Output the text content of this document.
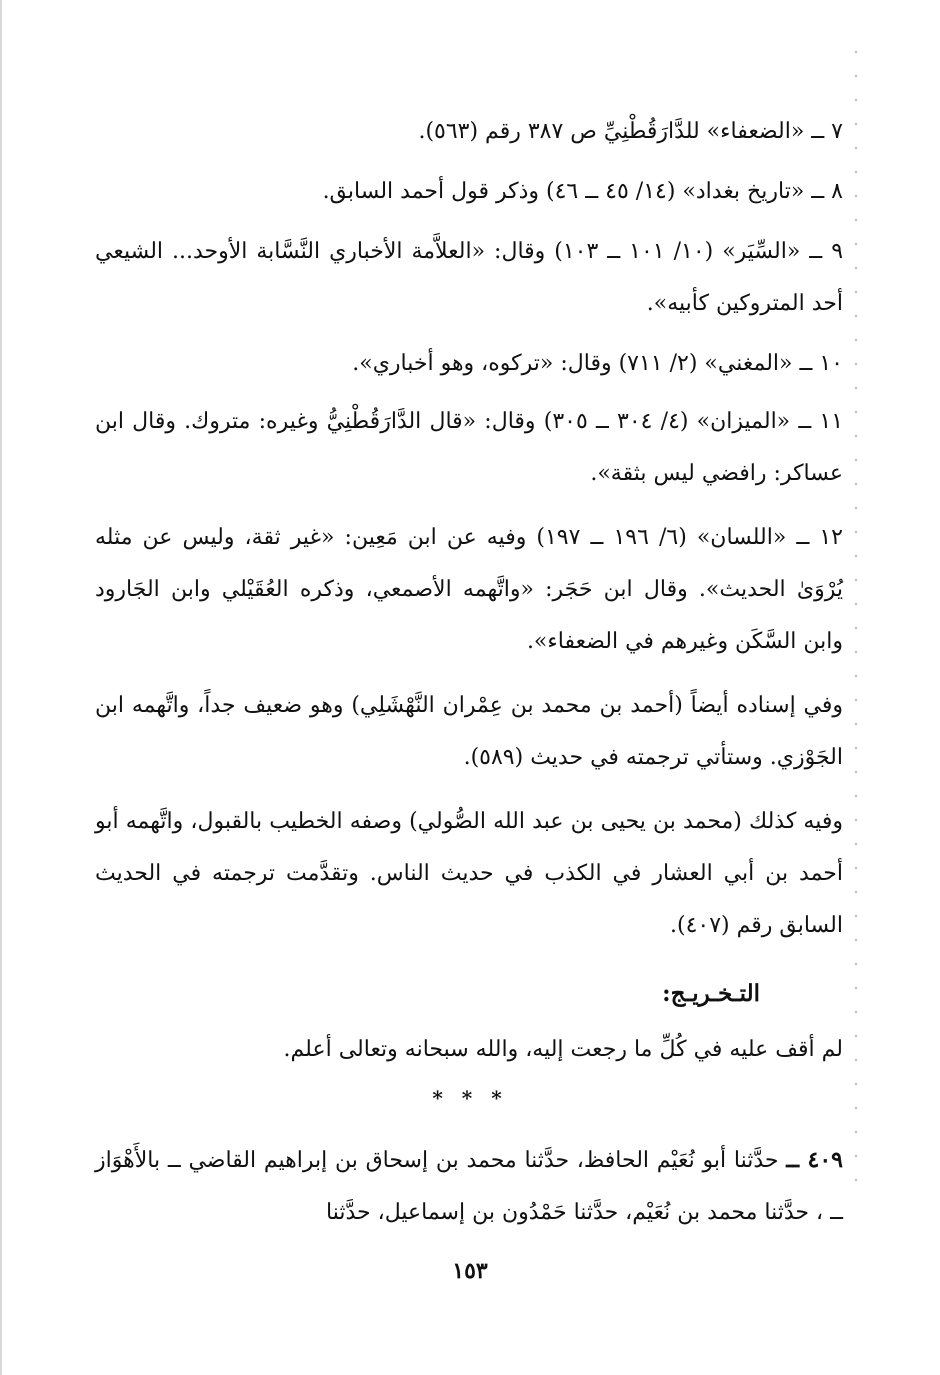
٧ ــ «الضعفاء» للدَّارَقُطْنِيِّ ص ٣٨٧ رقم (٥٦٣).

٨ ــ «تاريخ بغداد» (١٤/ ٤٥ ــ ٤٦) وذكر قول أحمد السابق.

٩ ــ «السِّيَر» (١٠/ ١٠١ ــ ١٠٣) وقال: «العلاَّمة الأخباري النَّسَّابة الأوحد... الشيعي أحد المتروكين كأبيه».

١٠ ــ «المغني» (٢/ ٧١١) وقال: «تركوه، وهو أخباري».

١١ ــ «الميزان» (٤/ ٣٠٤ ــ ٣٠٥) وقال: «قال الدَّارَقُطْنِيُّ وغيره: متروك. وقال ابن عساكر: رافضي ليس بثقة».

١٢ ــ «اللسان» (٦/ ١٩٦ ــ ١٩٧) وفيه عن ابن مَعِين: «غير ثقة، وليس عن مثله يُرْوَىٰ الحديث». وقال ابن حَجَر: «واتَّهمه الأصمعي، وذكره العُقَيْلي وابن الجَارود وابن السَّكَن وغيرهم في الضعفاء».

وفي إسناده أيضاً (أحمد بن محمد بن عِمْران النَّهْشَلِي) وهو ضعيف جداً، واتَّهمه ابن الجَوْزي. وستأتي ترجمته في حديث (٥٨٩).

وفيه كذلك (محمد بن يحيى بن عبد الله الصُّولي) وصفه الخطيب بالقبول، واتَّهمه أبو أحمد بن أبي العشار في الكذب في حديث الناس. وتقدَّمت ترجمته في الحديث السابق رقم (٤٠٧).

التـخـريـج:

لم أقف عليه في كُلِّ ما رجعت إليه، والله سبحانه وتعالى أعلم.

* * *

٤٠٩ ــ حدَّثنا أبو نُعَيْم الحافظ، حدَّثنا محمد بن إسحاق بن إبراهيم القاضي ــ بالأَهْوَاز ــ ، حدَّثنا محمد بن نُعَيْم، حدَّثنا حَمْدُون بن إسماعيل، حدَّثنا

١٥٣
